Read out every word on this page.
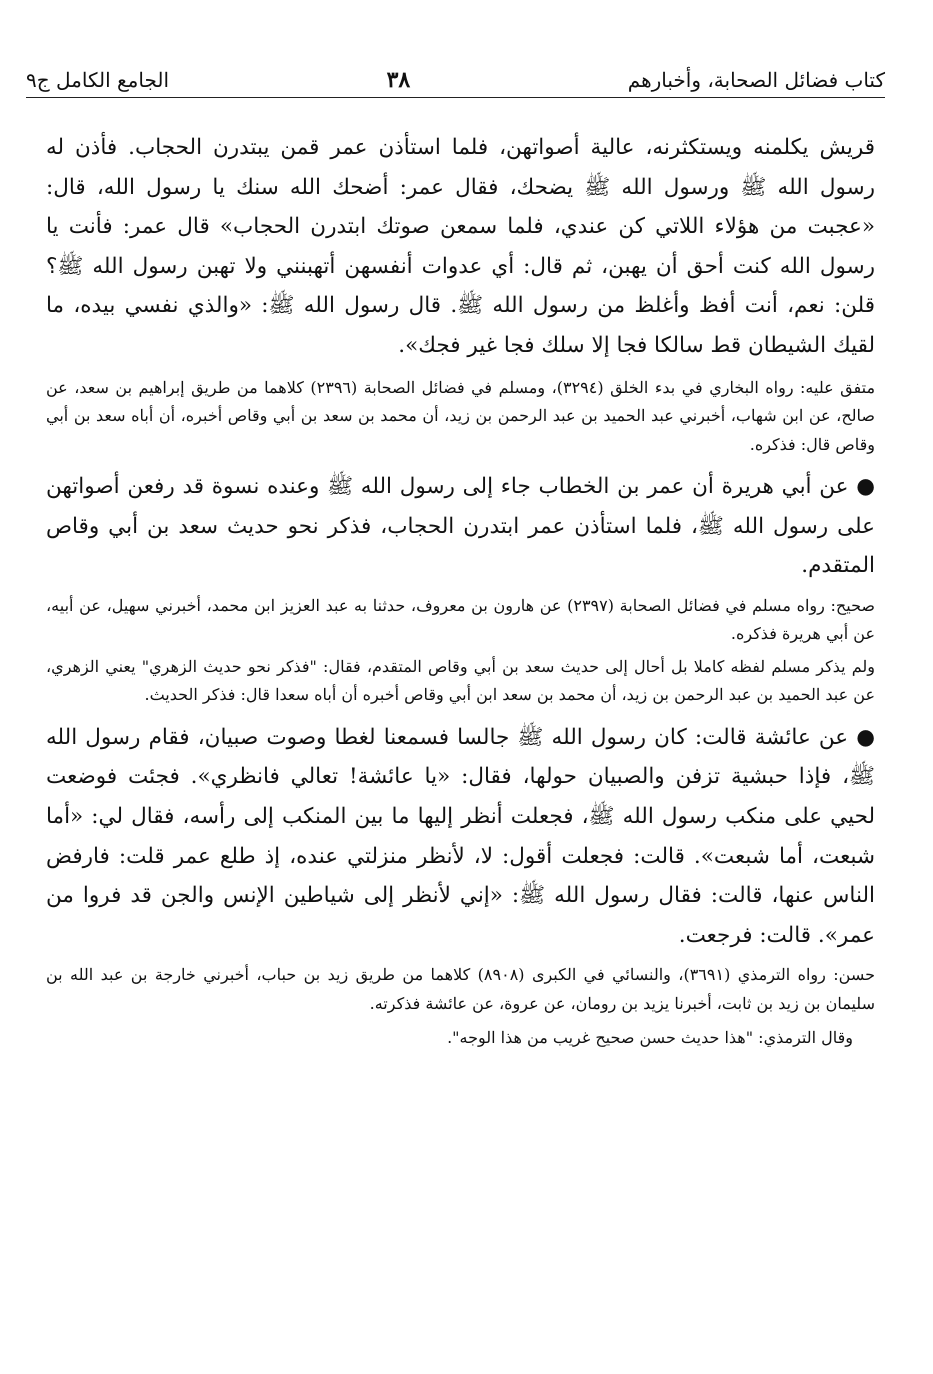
كتاب فضائل الصحابة، وأخبارهم
٣٨
الجامع الكامل ج٩

قريش يكلمنه ويستكثرنه، عالية أصواتهن، فلما استأذن عمر قمن يبتدرن الحجاب. فأذن له رسول الله ﷺ ورسول الله ﷺ يضحك، فقال عمر: أضحك الله سنك يا رسول الله، قال: «عجبت من هؤلاء اللاتي كن عندي، فلما سمعن صوتك ابتدرن الحجاب» قال عمر: فأنت يا رسول الله كنت أحق أن يهبن، ثم قال: أي عدوات أنفسهن أتهبنني ولا تهبن رسول الله ﷺ؟ قلن: نعم، أنت أفظ وأغلظ من رسول الله ﷺ. قال رسول الله ﷺ: «والذي نفسي بيده، ما لقيك الشيطان قط سالكا فجا إلا سلك فجا غير فجك».

متفق عليه: رواه البخاري في بدء الخلق (٣٢٩٤)، ومسلم في فضائل الصحابة (٢٣٩٦) كلاهما من طريق إبراهيم بن سعد، عن صالح، عن ابن شهاب، أخبرني عبد الحميد بن عبد الرحمن بن زيد، أن محمد بن سعد بن أبي وقاص أخبره، أن أباه سعد بن أبي وقاص قال: فذكره.

● عن أبي هريرة أن عمر بن الخطاب جاء إلى رسول الله ﷺ وعنده نسوة قد رفعن أصواتهن على رسول الله ﷺ، فلما استأذن عمر ابتدرن الحجاب، فذكر نحو حديث سعد بن أبي وقاص المتقدم.

صحيح: رواه مسلم في فضائل الصحابة (٢٣٩٧) عن هارون بن معروف، حدثنا به عبد العزيز ابن محمد، أخبرني سهيل، عن أبيه، عن أبي هريرة فذكره.

ولم يذكر مسلم لفظه كاملا بل أحال إلى حديث سعد بن أبي وقاص المتقدم، فقال: "فذكر نحو حديث الزهري" يعني الزهري، عن عبد الحميد بن عبد الرحمن بن زيد، أن محمد بن سعد ابن أبي وقاص أخبره أن أباه سعدا قال: فذكر الحديث.

● عن عائشة قالت: كان رسول الله ﷺ جالسا فسمعنا لغطا وصوت صبيان، فقام رسول الله ﷺ، فإذا حبشية تزفن والصبيان حولها، فقال: «يا عائشة! تعالي فانظري». فجئت فوضعت لحيي على منكب رسول الله ﷺ، فجعلت أنظر إليها ما بين المنكب إلى رأسه، فقال لي: «أما شبعت، أما شبعت». قالت: فجعلت أقول: لا، لأنظر منزلتي عنده، إذ طلع عمر قلت: فارفض الناس عنها، قالت: فقال رسول الله ﷺ: «إني لأنظر إلى شياطين الإنس والجن قد فروا من عمر». قالت: فرجعت.

حسن: رواه الترمذي (٣٦٩١)، والنسائي في الكبرى (٨٩٠٨) كلاهما من طريق زيد بن حباب، أخبرني خارجة بن عبد الله بن سليمان بن زيد بن ثابت، أخبرنا يزيد بن رومان، عن عروة، عن عائشة فذكرته.

وقال الترمذي: "هذا حديث حسن صحيح غريب من هذا الوجه".
